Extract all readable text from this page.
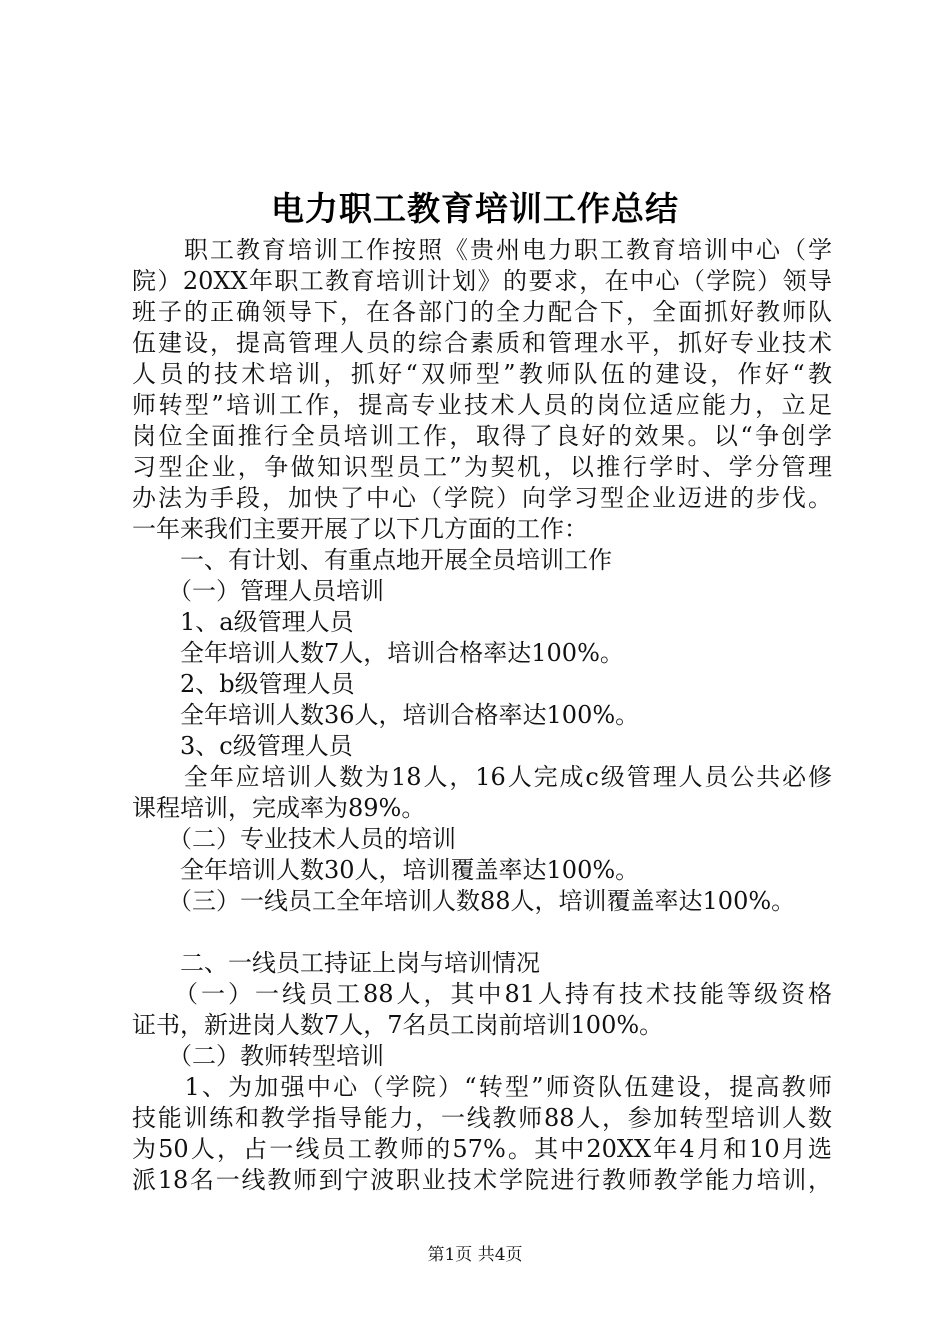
电力职工教育培训工作总结
　　职工教育培训工作按照《贵州电力职工教育培训中心（学
院）20XX年职工教育培训计划》的要求，在中心（学院）领导
班子的正确领导下，在各部门的全力配合下，全面抓好教师队
伍建设，提高管理人员的综合素质和管理水平，抓好专业技术
人员的技术培训，抓好“双师型”教师队伍的建设，作好“教
师转型”培训工作，提高专业技术人员的岗位适应能力，立足
岗位全面推行全员培训工作，取得了良好的效果。以“争创学
习型企业，争做知识型员工”为契机，以推行学时、学分管理
办法为手段，加快了中心（学院）向学习型企业迈进的步伐。
一年来我们主要开展了以下几方面的工作：
　　一、有计划、有重点地开展全员培训工作
　　（一）管理人员培训
　　1、a级管理人员
　　全年培训人数7人，培训合格率达100%。
　　2、b级管理人员
　　全年培训人数36人，培训合格率达100%。
　　3、c级管理人员
　　全年应培训人数为18人，16人完成c级管理人员公共必修
课程培训，完成率为89%。
　　（二）专业技术人员的培训
　　全年培训人数30人，培训覆盖率达100%。
　　（三）一线员工全年培训人数88人，培训覆盖率达100%。
　　二、一线员工持证上岗与培训情况
　　（一）一线员工88人，其中81人持有技术技能等级资格
证书，新进岗人数7人，7名员工岗前培训100%。
　　（二）教师转型培训
　　1、为加强中心（学院）“转型”师资队伍建设，提高教师
技能训练和教学指导能力，一线教师88人，参加转型培训人数
为50人，占一线员工教师的57%。其中20XX年4月和10月选
派18名一线教师到宁波职业技术学院进行教师教学能力培训，
第1页 共4页
